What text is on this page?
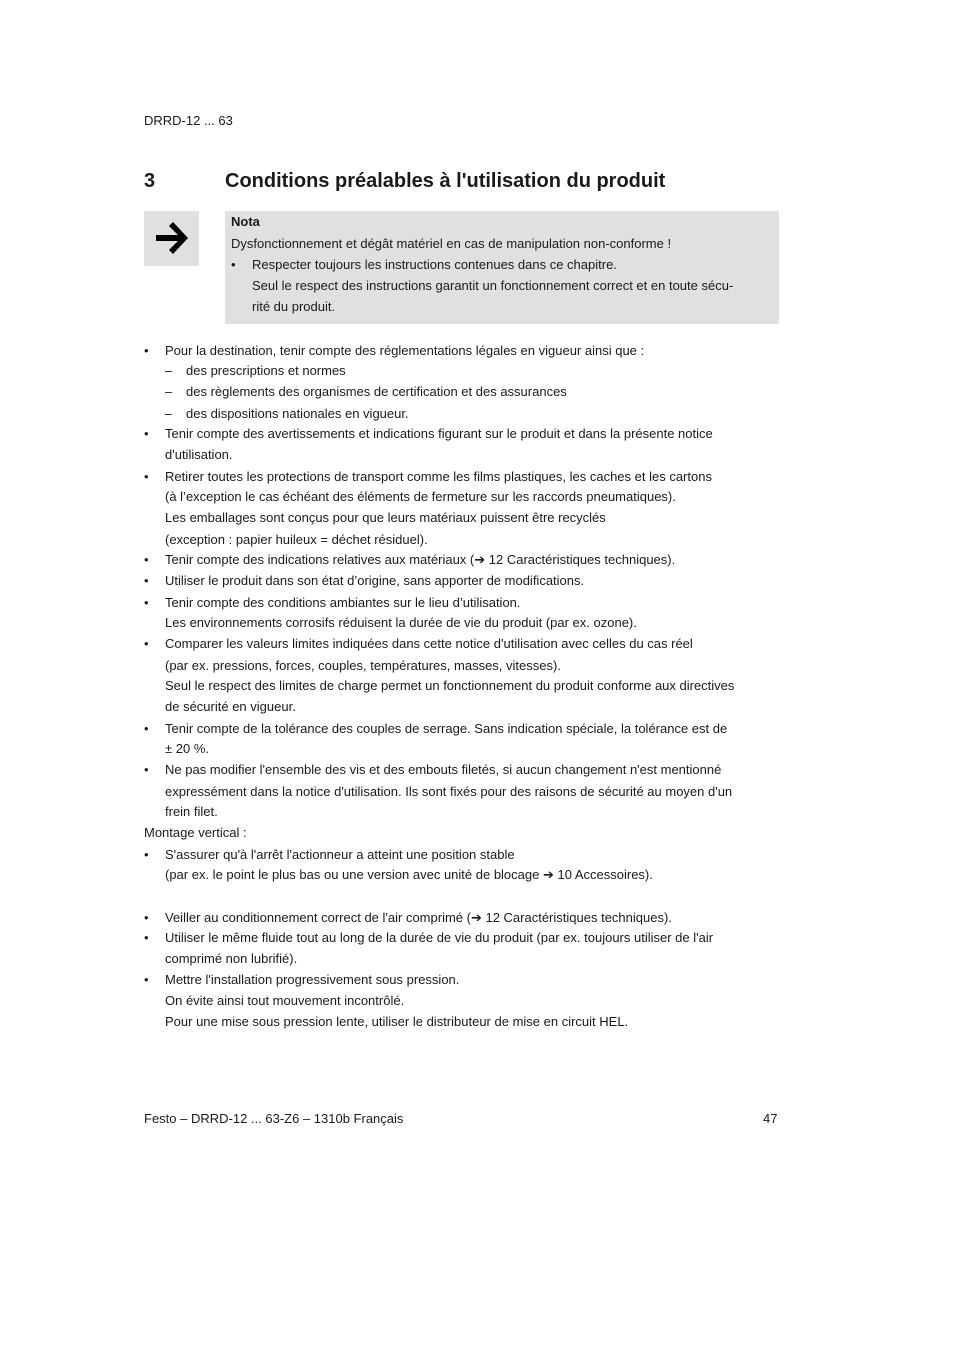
DRRD-12 ... 63
3	Conditions préalables à l'utilisation du produit
Nota
Dysfonctionnement et dégât matériel en cas de manipulation non-conforme !
• Respecter toujours les instructions contenues dans ce chapitre.
Seul le respect des instructions garantit un fonctionnement correct et en toute sécu-
rité du produit.
• Pour la destination, tenir compte des réglementations légales en vigueur ainsi que :
– des prescriptions et normes
– des règlements des organismes de certification et des assurances
– des dispositions nationales en vigueur.
• Tenir compte des avertissements et indications figurant sur le produit et dans la présente notice
d'utilisation.
• Retirer toutes les protections de transport comme les films plastiques, les caches et les cartons
(à l’exception le cas échéant des éléments de fermeture sur les raccords pneumatiques).
Les emballages sont conçus pour que leurs matériaux puissent être recyclés
(exception : papier huileux = déchet résiduel).
• Tenir compte des indications relatives aux matériaux (➔ 12 Caractéristiques techniques).
• Utiliser le produit dans son état d’origine, sans apporter de modifications.
• Tenir compte des conditions ambiantes sur le lieu d’utilisation.
Les environnements corrosifs réduisent la durée de vie du produit (par ex. ozone).
• Comparer les valeurs limites indiquées dans cette notice d'utilisation avec celles du cas réel
(par ex. pressions, forces, couples, températures, masses, vitesses).
Seul le respect des limites de charge permet un fonctionnement du produit conforme aux directives
de sécurité en vigueur.
• Tenir compte de la tolérance des couples de serrage. Sans indication spéciale, la tolérance est de
± 20 %.
• Ne pas modifier l'ensemble des vis et des embouts filetés, si aucun changement n'est mentionné
expressément dans la notice d'utilisation. Ils sont fixés pour des raisons de sécurité au moyen d'un
frein filet.
Montage vertical :
• S'assurer qu'à l'arrêt l'actionneur a atteint une position stable
(par ex. le point le plus bas ou une version avec unité de blocage ➔ 10 Accessoires).
• Veiller au conditionnement correct de l'air comprimé (➔ 12 Caractéristiques techniques).
• Utiliser le même fluide tout au long de la durée de vie du produit (par ex. toujours utiliser de l'air
comprimé non lubrifié).
• Mettre l'installation progressivement sous pression.
On évite ainsi tout mouvement incontrôlé.
Pour une mise sous pression lente, utiliser le distributeur de mise en circuit HEL.
Festo – DRRD-12 ... 63-Z6 – 1310b Français	47
